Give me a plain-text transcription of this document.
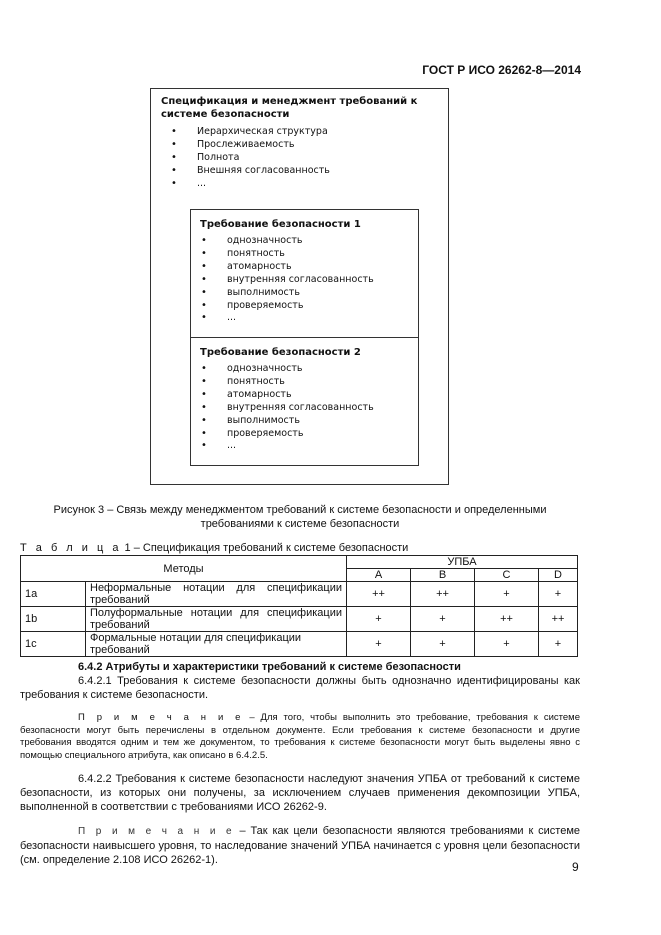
ГОСТ Р ИСО 26262-8—2014
Спецификация и менеджмент требований к системе безопасности
• Иерархическая структура
• Прослеживаемость
• Полнота
• Внешняя согласованность
• ...
Требование безопасности 1
• однозначность
• понятность
• атомарность
• внутренняя согласованность
• выполнимость
• проверяемость
• ...
Требование безопасности 2
• однозначность
• понятность
• атомарность
• внутренняя согласованность
• выполнимость
• проверяемость
• ...
Рисунок 3 – Связь между менеджментом требований к системе безопасности и определенными требованиями к системе безопасности
Т а б л и ц а 1 – Спецификация требований к системе безопасности
Методы		УПБА			
		A	B	C	D
1a	Неформальные нотации для спецификации требований	++	++	+	+
1b	Полуформальные нотации для спецификации требований	+	+	++	++
1c	Формальные нотации для спецификации требований	+	+	+	+
6.4.2 Атрибуты и характеристики требований к системе безопасности
6.4.2.1 Требования к системе безопасности должны быть однозначно идентифицированы как требования к системе безопасности.
П р и м е ч а н и е – Для того, чтобы выполнить это требование, требования к системе безопасности могут быть перечислены в отдельном документе. Если требования к системе безопасности и другие требования вводятся одним и тем же документом, то требования к системе безопасности могут быть выделены явно с помощью специального атрибута, как описано в 6.4.2.5.
6.4.2.2 Требования к системе безопасности наследуют значения УПБА от требований к системе безопасности, из которых они получены, за исключением случаев применения декомпозиции УПБА, выполненной в соответствии с требованиями ИСО 26262-9.
П р и м е ч а н и е – Так как цели безопасности являются требованиями к системе безопасности наивысшего уровня, то наследование значений УПБА начинается с уровня цели безопасности (см. определение 2.108 ИСО 26262-1).	9
